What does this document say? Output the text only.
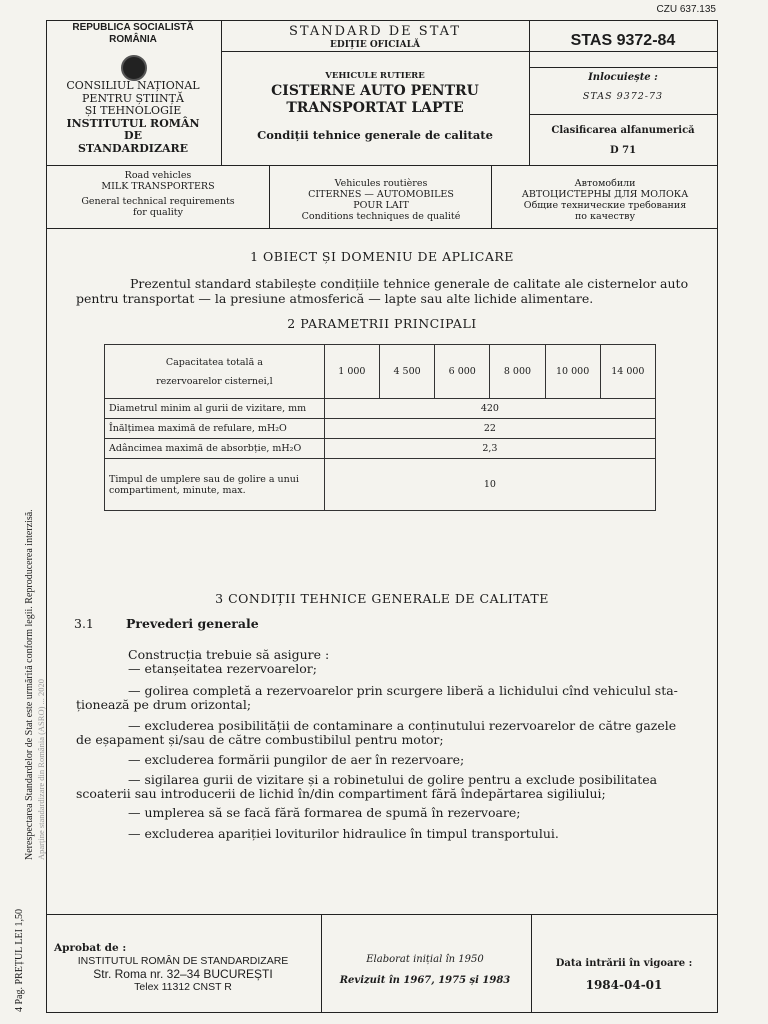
CZU 637.135
REPUBLICA SOCIALISTĂ
ROMÂNIA
CONSILIUL NAȚIONAL
PENTRU ȘTIINȚĂ
ȘI TEHNOLOGIE
INSTITUTUL ROMÂN
DE
STANDARDIZARE
STANDARD DE STAT
EDIȚIE OFICIALĂ
VEHICULE RUTIERE
CISTERNE AUTO PENTRU
TRANSPORTAT LAPTE
Condiții tehnice generale de calitate
STAS 9372-84
Inlocuiește :
STAS 9372-73
Clasificarea alfanumerică
D 71
Road vehicles
MILK TRANSPORTERS
General technical requirements
for quality
Vehicules routières
CITERNES — AUTOMOBILES
POUR LAIT
Conditions techniques de qualité
Автомобили
АВТОЦИСТЕРНЫ ДЛЯ МОЛОКА
Общие технические требования
по качеству
1 OBIECT ȘI DOMENIU DE APLICARE
Prezentul standard stabilește condițiile tehnice generale de calitate ale cisternelor auto
pentru transportat — la presiune atmosferică — lapte sau alte lichide alimentare.
2 PARAMETRII PRINCIPALI
Capacitatea totală a
rezervoarelor cisternei,l	1 000	4 500	6 000	8 000	10 000	14 000
Diametrul minim al gurii de vizitare, mm	420					
Înălțimea maximă de refulare, mH₂O	22					
Adâncimea maximă de absorbție, mH₂O	2,3					
Timpul de umplere sau de golire a unui compartiment, minute, max.	10					
3 CONDIȚII TEHNICE GENERALE DE CALITATE
3.1	Prevederi generale
Construcția trebuie să asigure :
— etanșeitatea rezervoarelor;
— golirea completă a rezervoarelor prin scurgere liberă a lichidului cînd vehiculul sta-
ționează pe drum orizontal;
— excluderea posibilității de contaminare a conținutului rezervoarelor de către gazele
de eșapament și/sau de către combustibilul pentru motor;
— excluderea formării pungilor de aer în rezervoare;
— sigilarea gurii de vizitare și a robinetului de golire pentru a exclude posibilitatea
scoaterii sau introducerii de lichid în/din compartiment fără îndepărtarea sigiliului;
— umplerea să se facă fără formarea de spumă în rezervoare;
— excluderea apariției loviturilor hidraulice în timpul transportului.
Aprobat de :
INSTITUTUL ROMÂN DE STANDARDIZARE
Str. Roma nr. 32–34 BUCUREȘTI
Telex 11312 CNST R
Elaborat inițial în 1950
Revizuit în 1967, 1975 și 1983
Data intrării în vigoare :
1984-04-01
4 Pag. PREȚUL LEI 1,50
Nerespectarea Standardelor de Stat este urmărită conform legii. Reproducerea interzisă. Aparține standardizare din România (ASRO) ... 2020
